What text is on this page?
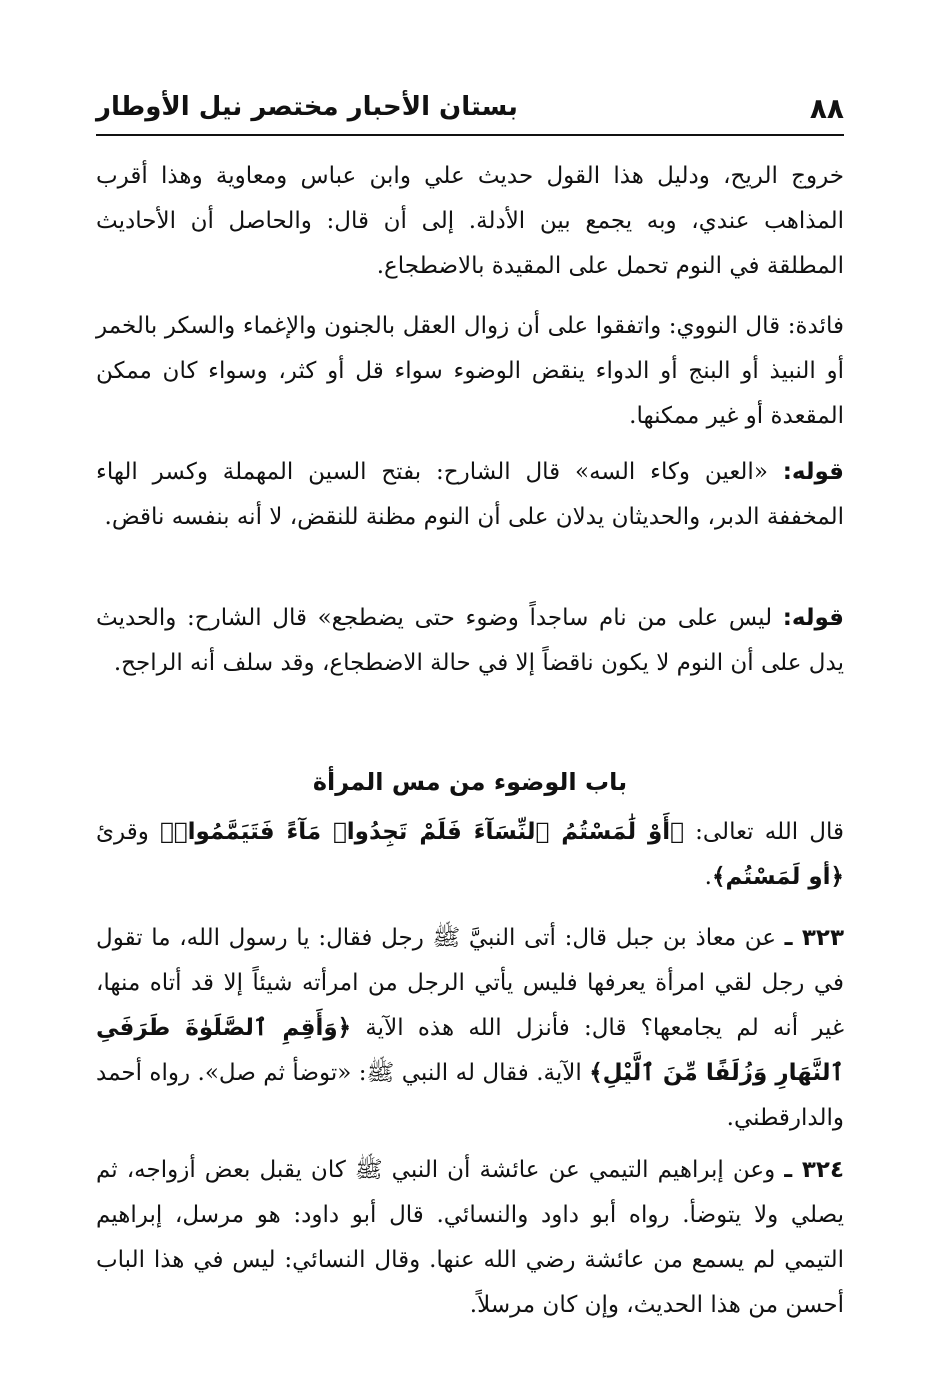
٨٨
بستان الأحبار مختصر نيل الأوطار

خروج الريح، ودليل هذا القول حديث علي وابن عباس ومعاوية وهذا أقرب المذاهب عندي، وبه يجمع بين الأدلة. إلى أن قال: والحاصل أن الأحاديث المطلقة في النوم تحمل على المقيدة بالاضطجاع.

فائدة: قال النووي: واتفقوا على أن زوال العقل بالجنون والإغماء والسكر بالخمر أو النبيذ أو البنج أو الدواء ينقض الوضوء سواء قل أو كثر، وسواء كان ممكن المقعدة أو غير ممكنها.

قوله: «العين وكاء السه» قال الشارح: بفتح السين المهملة وكسر الهاء المخففة الدبر، والحديثان يدلان على أن النوم مظنة للنقض، لا أنه بنفسه ناقض.

قوله: ليس على من نام ساجداً وضوء حتى يضطجع» قال الشارح: والحديث يدل على أن النوم لا يكون ناقضاً إلا في حالة الاضطجاع، وقد سلف أنه الراجح.

باب الوضوء من مس المرأة

قال الله تعالى: ﴿أَوْ لَٰمَسْتُمُ ٱلنِّسَآءَ فَلَمْ تَجِدُوا۟ مَآءً فَتَيَمَّمُوا۟﴾ وقرئ ﴿أو لَمَسْتُم﴾.

٣٢٣ ـ عن معاذ بن جبل قال: أتى النبيَّ ﷺ رجل فقال: يا رسول الله، ما تقول في رجل لقي امرأة يعرفها فليس يأتي الرجل من امرأته شيئاً إلا قد أتاه منها، غير أنه لم يجامعها؟ قال: فأنزل الله هذه الآية ﴿وَأَقِمِ ٱلصَّلَوٰةَ طَرَفَىِ ٱلنَّهَارِ وَزُلَفًا مِّنَ ٱلَّيْلِ﴾ الآية. فقال له النبي ﷺ: «توضأ ثم صل». رواه أحمد والدارقطني.

٣٢٤ ـ وعن إبراهيم التيمي عن عائشة أن النبي ﷺ كان يقبل بعض أزواجه، ثم يصلي ولا يتوضأ. رواه أبو داود والنسائي. قال أبو داود: هو مرسل، إبراهيم التيمي لم يسمع من عائشة رضي الله عنها. وقال النسائي: ليس في هذا الباب أحسن من هذا الحديث، وإن كان مرسلاً.
